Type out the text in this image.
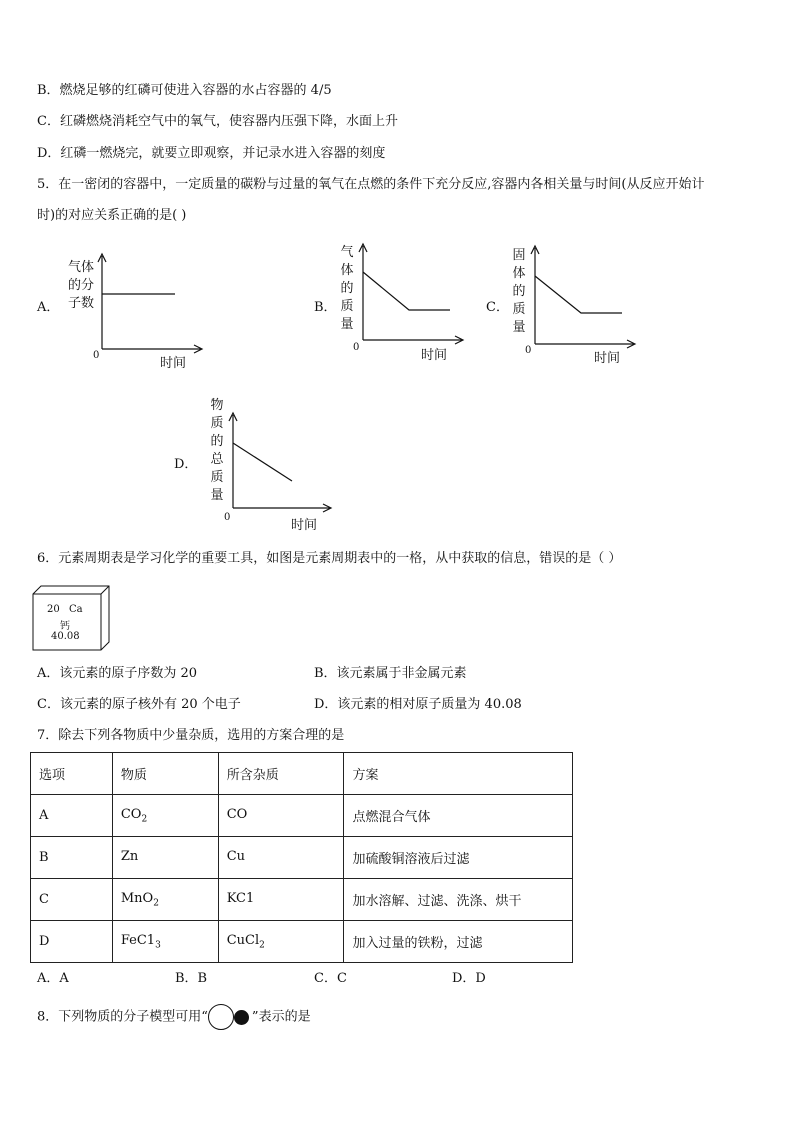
B．燃烧足够的红磷可使进入容器的水占容器的 4/5
C．红磷燃烧消耗空气中的氧气，使容器内压强下降，水面上升
D．红磷一燃烧完，就要立即观察，并记录水进入容器的刻度
5．在一密闭的容器中，一定质量的碳粉与过量的氧气在点燃的条件下充分反应,容器内各相关量与时间(从反应开始计
时)的对应关系正确的是( )
A．
气体
的分
子数
0
时间
B．
气
体
的
质
量
0
时间
C．
固
体
的
质
量
0
时间
D．
物
质
的
总
质
量
0
时间
6．元素周期表是学习化学的重要工具，如图是元素周期表中的一格，从中获取的信息，错误的是（ ）
20 Ca
钙
40.08
A．该元素的原子序数为 20	B．该元素属于非金属元素
C．该元素的原子核外有 20 个电子	D．该元素的相对原子质量为 40.08
7．除去下列各物质中少量杂质，选用的方案合理的是
选项	物质	所含杂质	方案
A	$CO_2$	CO	点燃混合气体
B	Zn	Cu	加硫酸铜溶液后过滤
C	MnO$_2$	KC1	加水溶解、过滤、洗涤、烘干
D	$FeC1_3$	CuCl$_2$	加入过量的铁粉，过滤
A．A	B．B	C．C	D．D
8．下列物质的分子模型可用“	”表示的是
